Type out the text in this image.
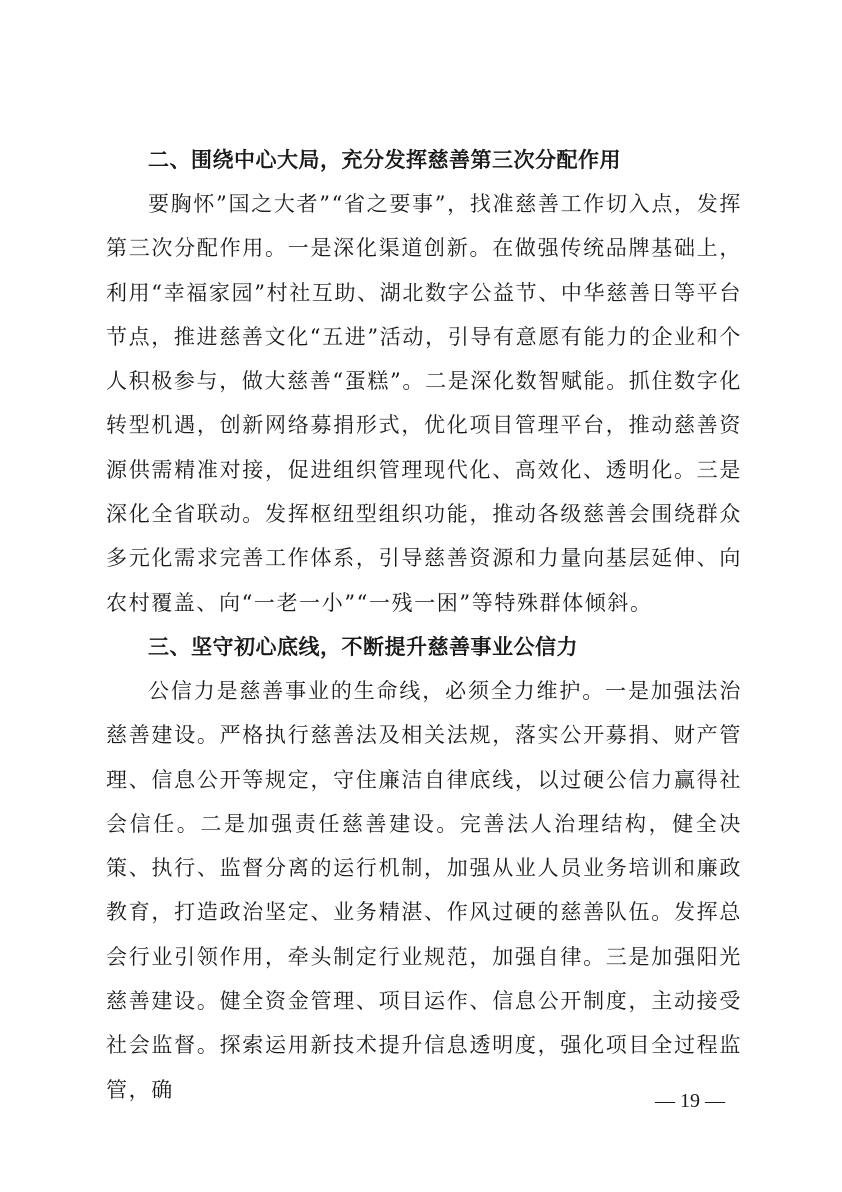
二、围绕中心大局，充分发挥慈善第三次分配作用

要胸怀”国之大者”“省之要事”，找准慈善工作切入点，发挥第三次分配作用。一是深化渠道创新。在做强传统品牌基础上，利用“幸福家园”村社互助、湖北数字公益节、中华慈善日等平台节点，推进慈善文化“五进”活动，引导有意愿有能力的企业和个人积极参与，做大慈善“蛋糕”。二是深化数智赋能。抓住数字化转型机遇，创新网络募捐形式，优化项目管理平台，推动慈善资源供需精准对接，促进组织管理现代化、高效化、透明化。三是深化全省联动。发挥枢纽型组织功能，推动各级慈善会围绕群众多元化需求完善工作体系，引导慈善资源和力量向基层延伸、向农村覆盖、向“一老一小”“一残一困”等特殊群体倾斜。

三、坚守初心底线，不断提升慈善事业公信力

公信力是慈善事业的生命线，必须全力维护。一是加强法治慈善建设。严格执行慈善法及相关法规，落实公开募捐、财产管理、信息公开等规定，守住廉洁自律底线，以过硬公信力赢得社会信任。二是加强责任慈善建设。完善法人治理结构，健全决策、执行、监督分离的运行机制，加强从业人员业务培训和廉政教育，打造政治坚定、业务精湛、作风过硬的慈善队伍。发挥总会行业引领作用，牵头制定行业规范，加强自律。三是加强阳光慈善建设。健全资金管理、项目运作、信息公开制度，主动接受社会监督。探索运用新技术提升信息透明度，强化项目全过程监管，确	— 19 —
